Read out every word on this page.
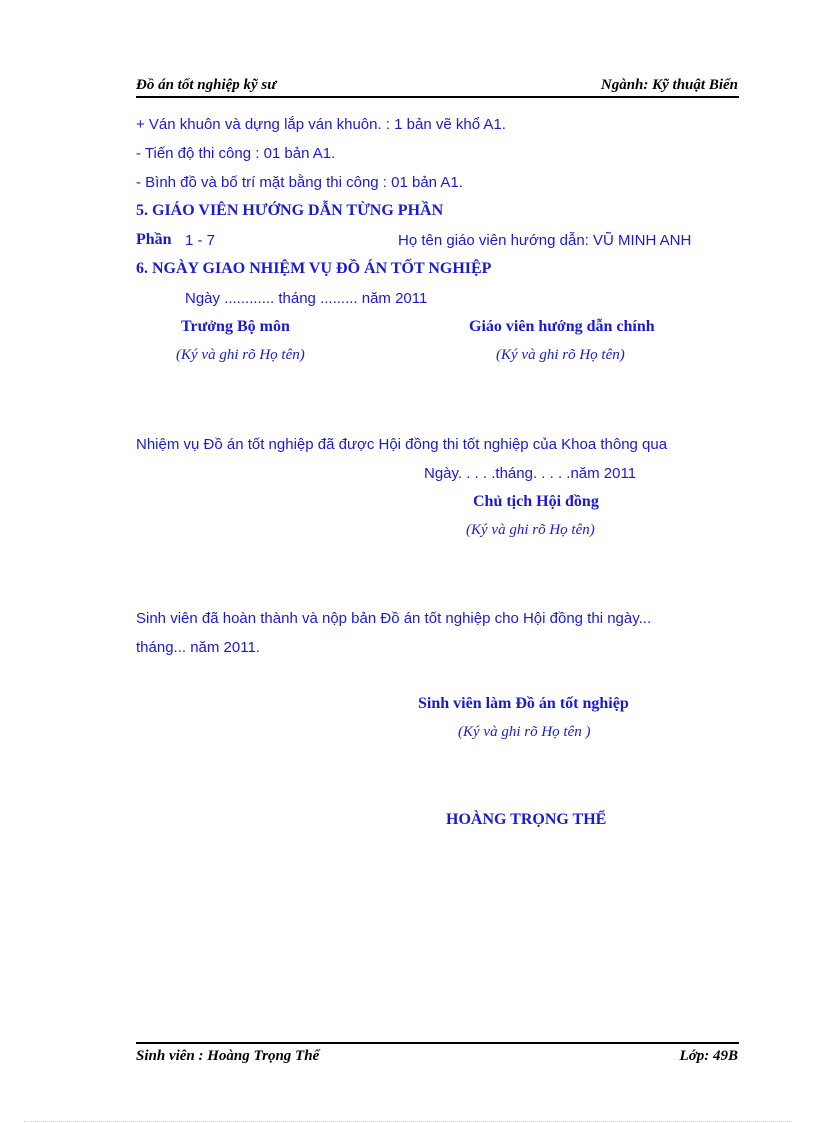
Đồ án tốt nghiệp kỹ sư	Ngành: Kỹ thuật Biển
+ Ván khuôn và dựng lắp ván khuôn. : 1 bản vẽ khổ A1.
- Tiến độ thi công : 01 bản A1.
- Bình đồ và bố trí mặt bằng thi công : 01 bản A1.
5. GIÁO VIÊN HƯỚNG DẪN TỪNG PHẦN
Phần 1 - 7	Họ tên giáo viên hướng dẫn: VŨ MINH ANH
6. NGÀY GIAO NHIỆM VỤ ĐỒ ÁN TỐT NGHIỆP
Ngày ............ tháng ......... năm 2011
Trưởng Bộ môn	Giáo viên hướng dẫn chính
(Ký và ghi rõ Họ tên)	(Ký và ghi rõ Họ tên)
Nhiệm vụ Đồ án tốt nghiệp đã được Hội đồng thi tốt nghiệp của Khoa thông qua
Ngày. . . . .tháng. . . . .năm 2011
Chủ tịch Hội đồng
(Ký và ghi rõ Họ tên)
Sinh viên đã hoàn thành và nộp bản Đồ án tốt nghiệp cho Hội đồng thi ngày...
tháng... năm 2011.
Sinh viên làm Đồ án tốt nghiệp
(Ký và ghi rõ Họ tên )
HOÀNG TRỌNG THỂ
Sinh viên : Hoàng Trọng Thể	Lớp: 49B
